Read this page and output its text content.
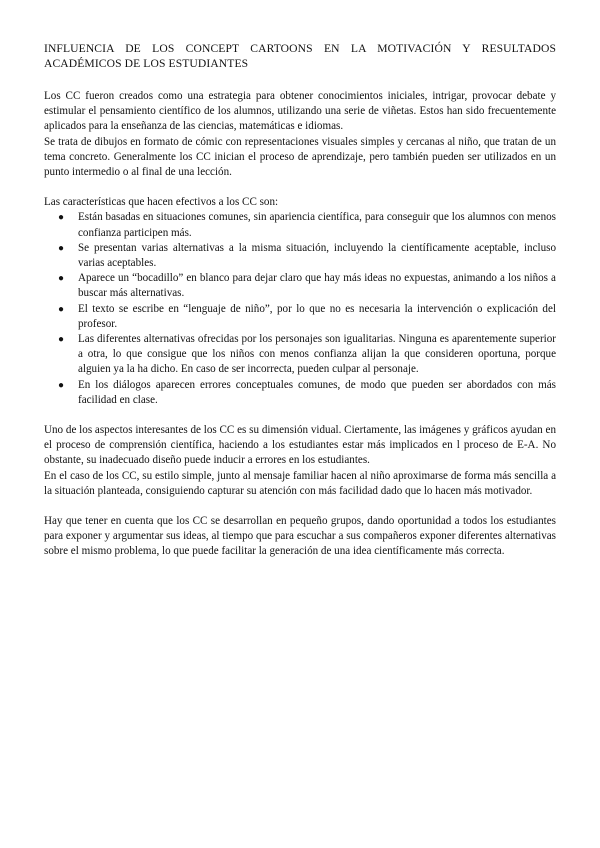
INFLUENCIA DE LOS CONCEPT CARTOONS EN LA MOTIVACIÓN Y RESULTADOS ACADÉMICOS DE LOS ESTUDIANTES

Los CC fueron creados como una estrategia para obtener conocimientos iniciales, intrigar, provocar debate y estimular el pensamiento científico de los alumnos, utilizando una serie de viñetas. Estos han sido frecuentemente aplicados para la enseñanza de las ciencias, matemáticas e idiomas.

Se trata de dibujos en formato de cómic con representaciones visuales simples y cercanas al niño, que tratan de un tema concreto. Generalmente los CC inician el proceso de aprendizaje, pero también pueden ser utilizados en un punto intermedio o al final de una lección.

Las características que hacen efectivos a los CC son:

● Están basadas en situaciones comunes, sin apariencia científica, para conseguir que los alumnos con menos confianza participen más.
● Se presentan varias alternativas a la misma situación, incluyendo la científicamente aceptable, incluso varias aceptables.
● Aparece un “bocadillo” en blanco para dejar claro que hay más ideas no expuestas, animando a los niños a buscar más alternativas.
● El texto se escribe en “lenguaje de niño”, por lo que no es necesaria la intervención o explicación del profesor.
● Las diferentes alternativas ofrecidas por los personajes son igualitarias. Ninguna es aparentemente superior a otra, lo que consigue que los niños con menos confianza alijan la que consideren oportuna, porque alguien ya la ha dicho. En caso de ser incorrecta, pueden culpar al personaje.
● En los diálogos aparecen errores conceptuales comunes, de modo que pueden ser abordados con más facilidad en clase.

Uno de los aspectos interesantes de los CC es su dimensión vidual. Ciertamente, las imágenes y gráficos ayudan en el proceso de comprensión científica, haciendo a los estudiantes estar más implicados en l proceso de E-A. No obstante, su inadecuado diseño puede inducir a errores en los estudiantes.

En el caso de los CC, su estilo simple, junto al mensaje familiar hacen al niño aproximarse de forma más sencilla a la situación planteada, consiguiendo capturar su atención con más facilidad dado que lo hacen más motivador.

Hay que tener en cuenta que los CC se desarrollan en pequeño grupos, dando oportunidad a todos los estudiantes para exponer y argumentar sus ideas, al tiempo que para escuchar a sus compañeros exponer diferentes alternativas sobre el mismo problema, lo que puede facilitar la generación de una idea científicamente más correcta.
